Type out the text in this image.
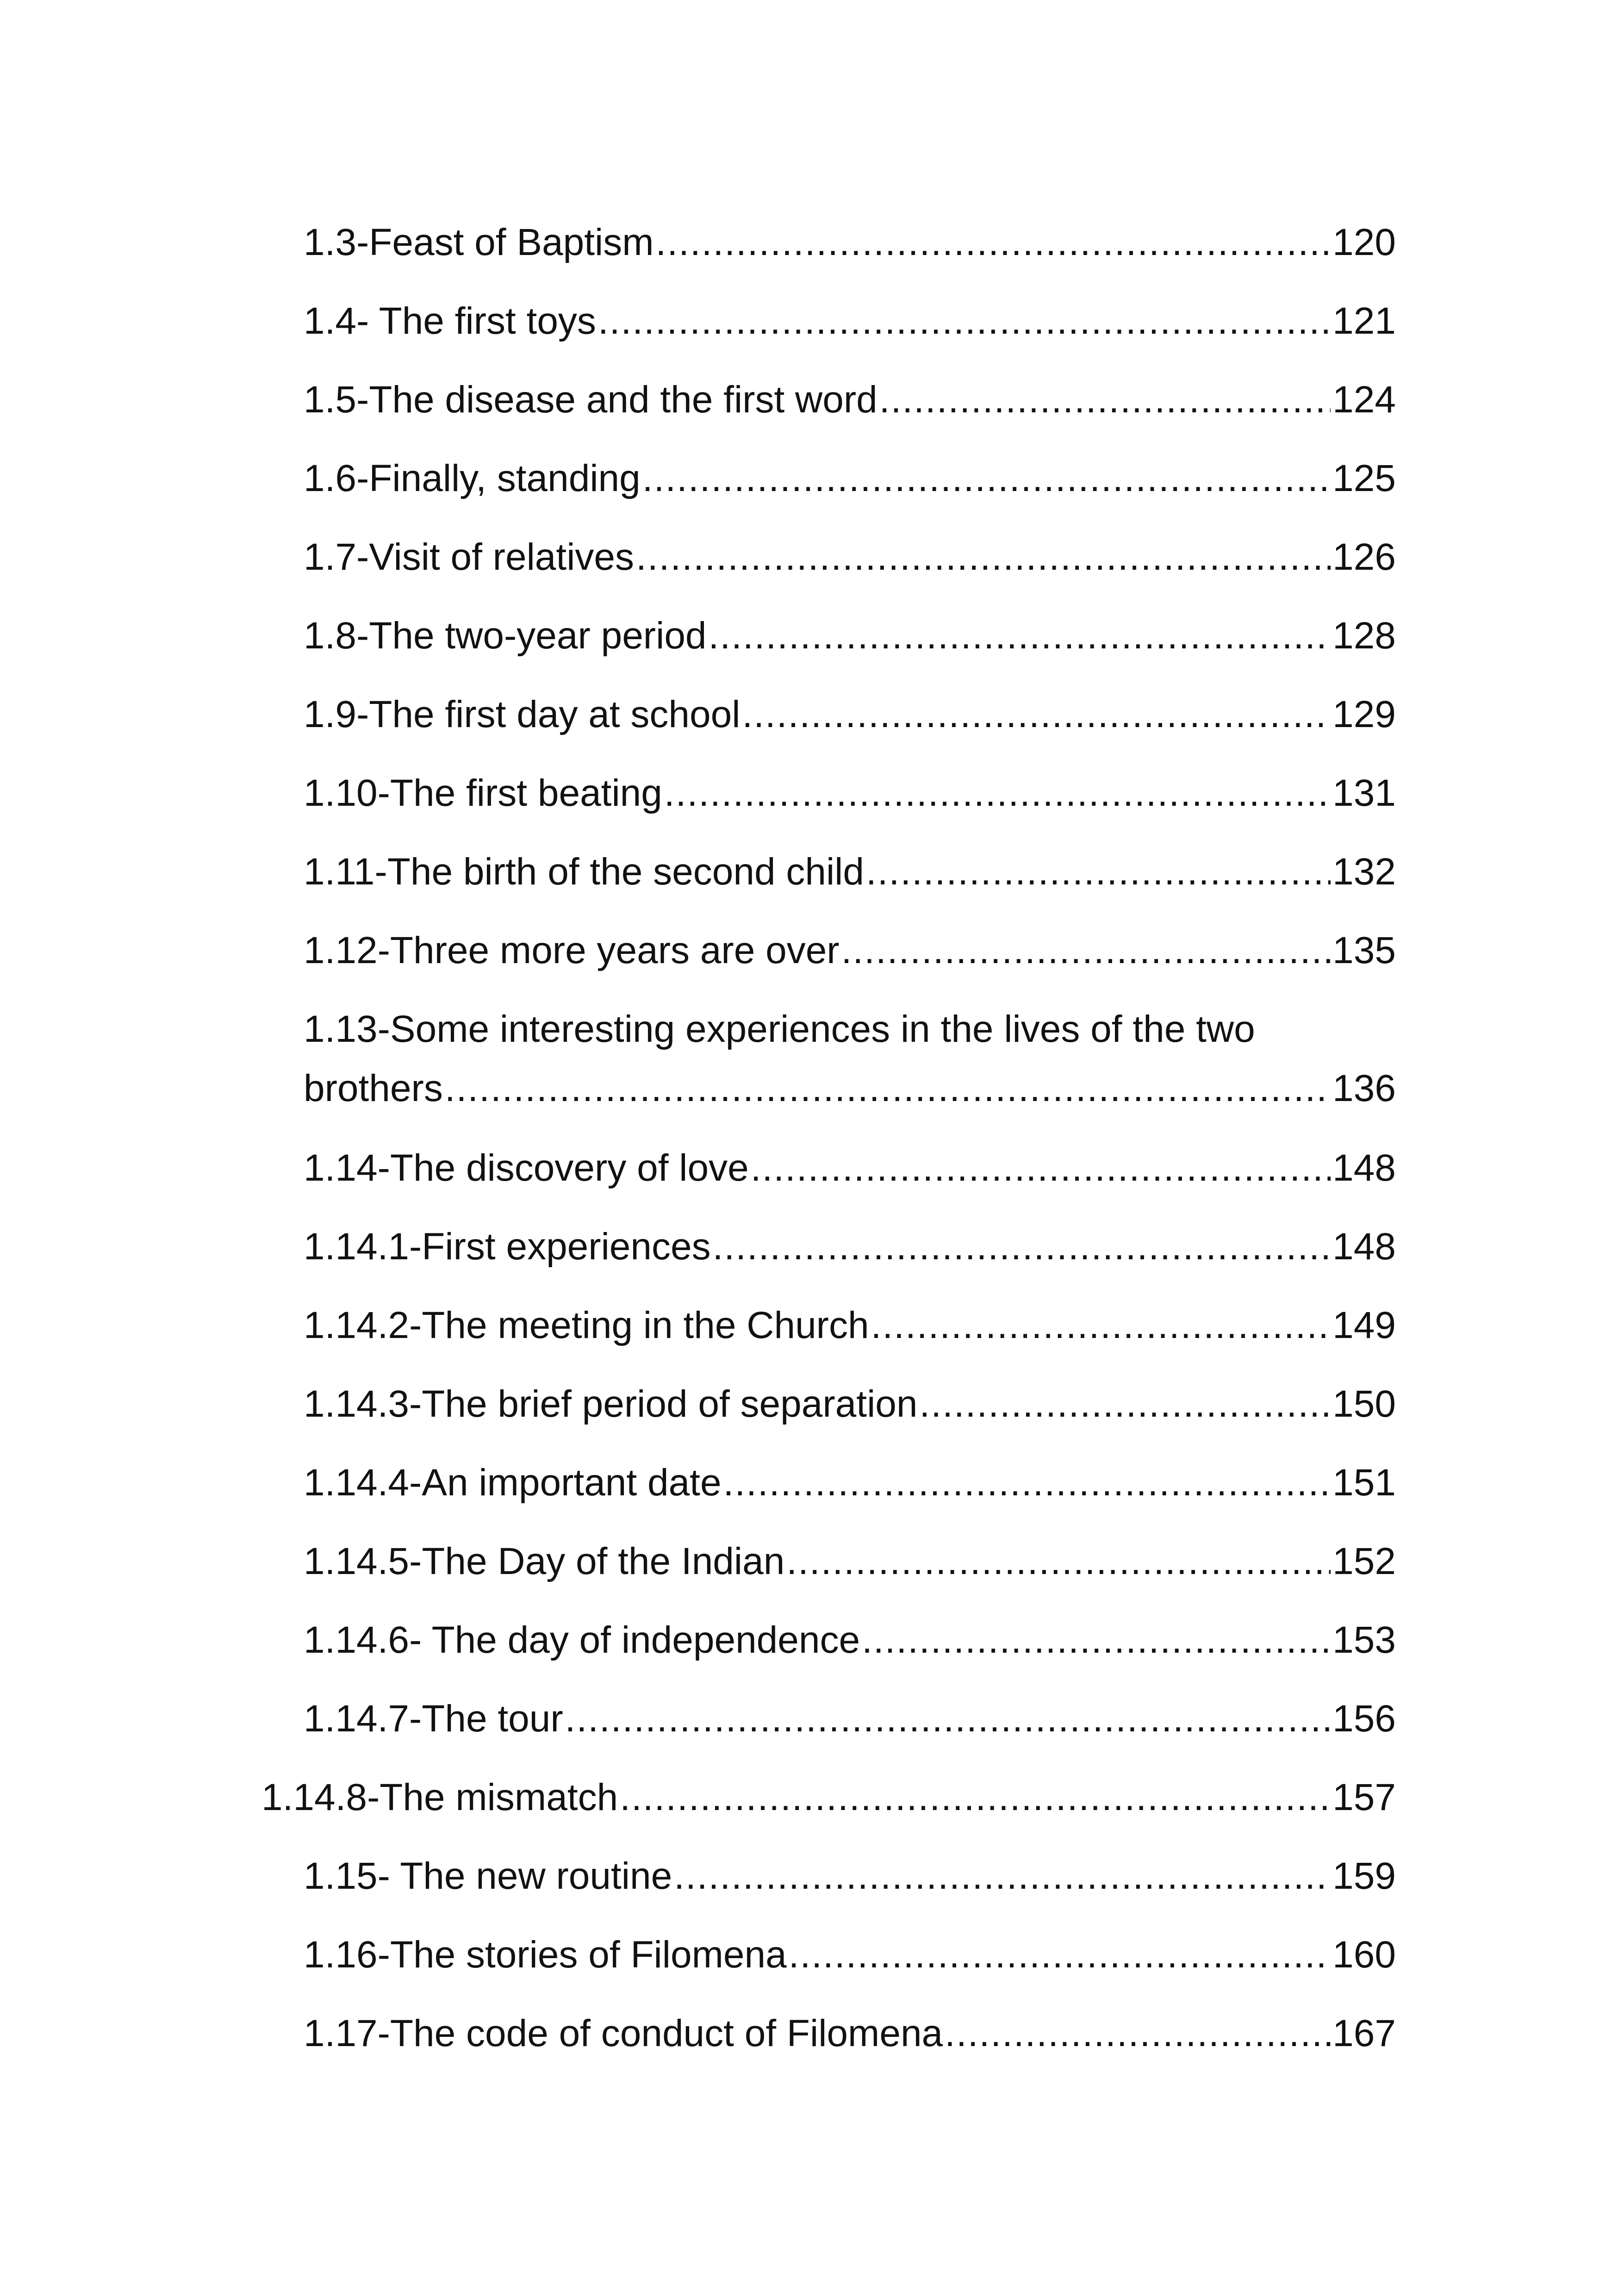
1.3-Feast of Baptism .....	120
1.4- The first toys .....	121
1.5-The disease and the first word .....	124
1.6-Finally, standing .....	125
1.7-Visit of relatives .....	126
1.8-The two-year period .....	128
1.9-The first day at school .....	129
1.10-The first beating .....	131
1.11-The birth of the second child .....	132
1.12-Three more years are over .....	135
1.13-Some interesting experiences in the lives of the two
brothers .....	136
1.14-The discovery of love .....	148
1.14.1-First experiences .....	148
1.14.2-The meeting in the Church .....	149
1.14.3-The brief period of separation .....	150
1.14.4-An important date .....	151
1.14.5-The Day of the Indian .....	152
1.14.6- The day of independence .....	153
1.14.7-The tour .....	156
1.14.8-The mismatch .....	157
1.15- The new routine .....	159
1.16-The stories of Filomena .....	160
1.17-The code of conduct of Filomena .....	167
